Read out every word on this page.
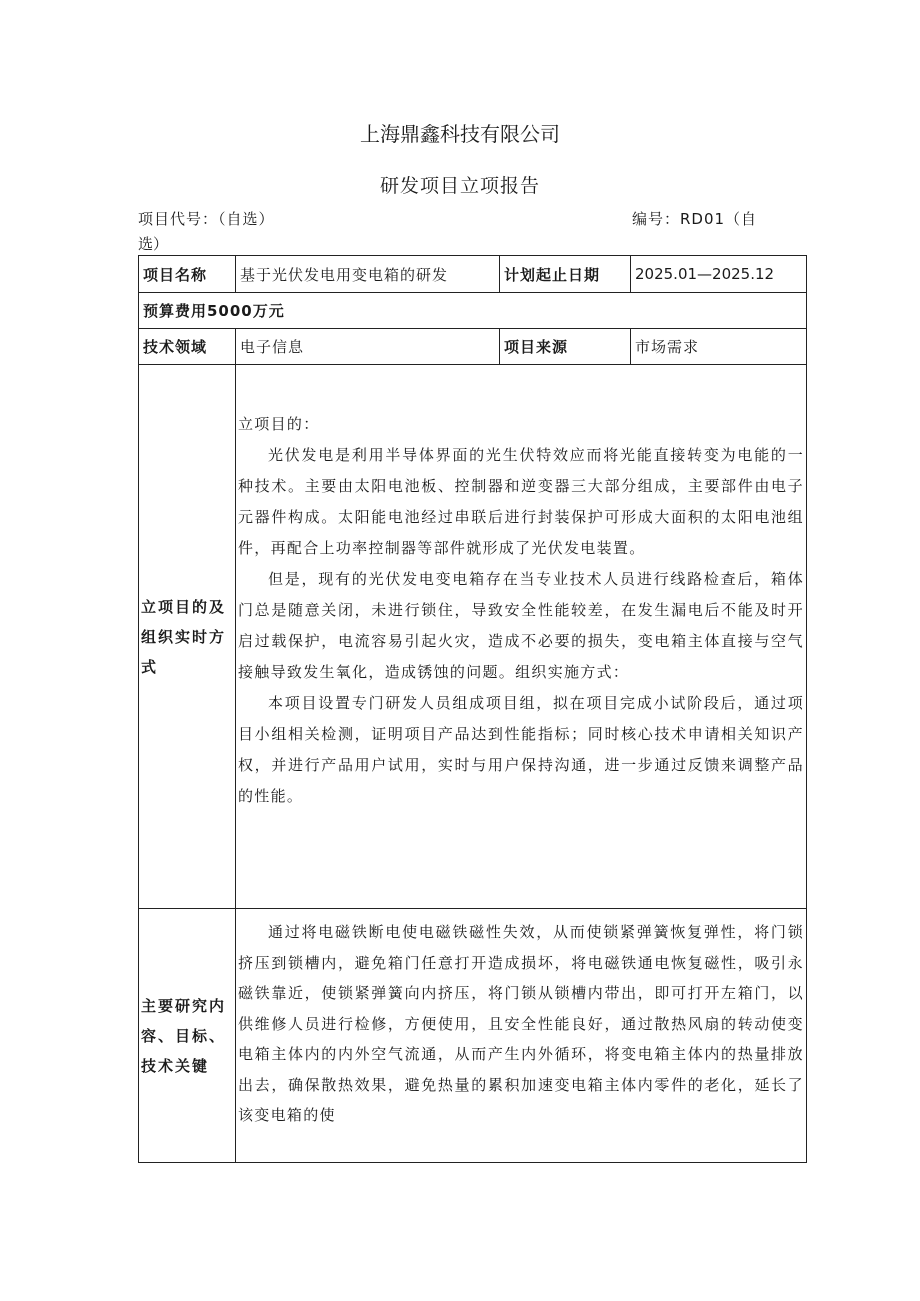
上海鼎鑫科技有限公司
研发项目立项报告
项目代号：（自选）	编号：RD01（自
选）
项目名称	基于光伏发电用变电箱的研发	计划起止日期	2025.01—2025.12
预算费用5000万元			
技术领域	电子信息	项目来源	市场需求
立项目的及组织实时方式	立项目的：

光伏发电是利用半导体界面的光生伏特效应而将光能直接转变为电能的一种技术。主要由太阳电池板、控制器和逆变器三大部分组成，主要部件由电子元器件构成。太阳能电池经过串联后进行封装保护可形成大面积的太阳电池组件，再配合上功率控制器等部件就形成了光伏发电装置。

但是，现有的光伏发电变电箱存在当专业技术人员进行线路检查后，箱体门总是随意关闭，未进行锁住，导致安全性能较差，在发生漏电后不能及时开启过载保护，电流容易引起火灾，造成不必要的损失，变电箱主体直接与空气接触导致发生氧化，造成锈蚀的问题。组织实施方式：

本项目设置专门研发人员组成项目组，拟在项目完成小试阶段后，通过项目小组相关检测，证明项目产品达到性能指标；同时核心技术申请相关知识产权，并进行产品用户试用，实时与用户保持沟通，进一步通过反馈来调整产品的性能。		

主要研究内容、目标、技术关键	通过将电磁铁断电使电磁铁磁性失效，从而使锁紧弹簧恢复弹性，将门锁挤压到锁槽内，避免箱门任意打开造成损坏，将电磁铁通电恢复磁性，吸引永磁铁靠近，使锁紧弹簧向内挤压，将门锁从锁槽内带出，即可打开左箱门，以供维修人员进行检修，方便使用，且安全性能良好，通过散热风扇的转动使变电箱主体内的内外空气流通，从而产生内外循环，将变电箱主体内的热量排放出去，确保散热效果，避免热量的累积加速变电箱主体内零件的老化，延长了该变电箱的使		
